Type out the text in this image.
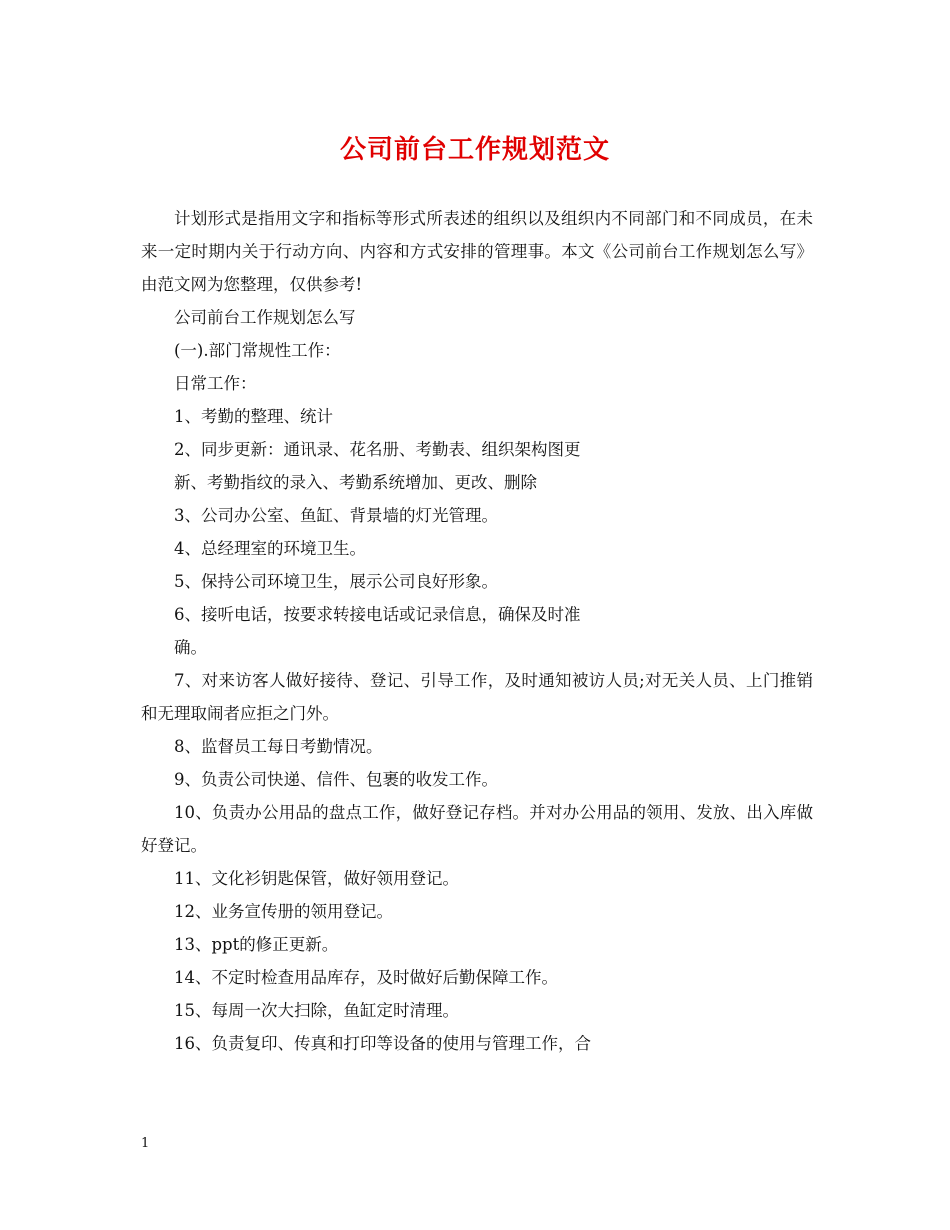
公司前台工作规划范文

计划形式是指用文字和指标等形式所表述的组织以及组织内不同部门和不同成员，在未来一定时期内关于行动方向、内容和方式安排的管理事。本文《公司前台工作规划怎么写》由范文网为您整理，仅供参考!

公司前台工作规划怎么写

(一).部门常规性工作：

日常工作：

1、考勤的整理、统计

2、同步更新：通讯录、花名册、考勤表、组织架构图更

新、考勤指纹的录入、考勤系统增加、更改、删除

3、公司办公室、鱼缸、背景墙的灯光管理。

4、总经理室的环境卫生。

5、保持公司环境卫生，展示公司良好形象。

6、接听电话，按要求转接电话或记录信息，确保及时准

确。

7、对来访客人做好接待、登记、引导工作，及时通知被访人员;对无关人员、上门推销和无理取闹者应拒之门外。

8、监督员工每日考勤情况。

9、负责公司快递、信件、包裹的收发工作。

10、负责办公用品的盘点工作，做好登记存档。并对办公用品的领用、发放、出入库做好登记。

11、文化衫钥匙保管，做好领用登记。

12、业务宣传册的领用登记。

13、ppt的修正更新。

14、不定时检查用品库存，及时做好后勤保障工作。

15、每周一次大扫除，鱼缸定时清理。

16、负责复印、传真和打印等设备的使用与管理工作，合

1
